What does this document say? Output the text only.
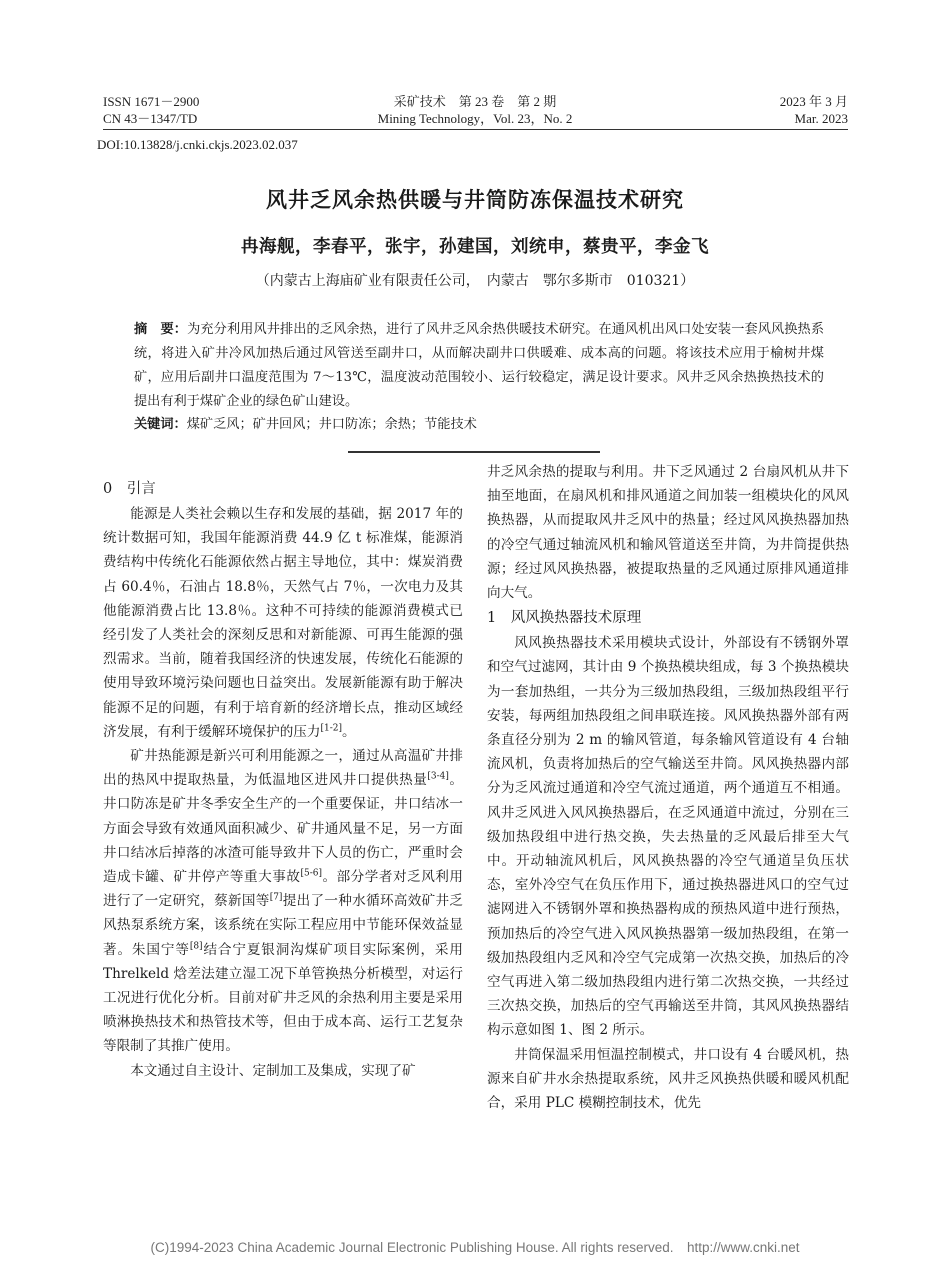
ISSN 1671－2900
CN 43－1347/TD
采矿技术　第 23 卷　第 2 期
Mining Technology，Vol. 23，No. 2
2023 年 3 月
Mar. 2023
DOI:10.13828/j.cnki.ckjs.2023.02.037
风井乏风余热供暖与井筒防冻保温技术研究
冉海舰，李春平，张宇，孙建国，刘统申，蔡贵平，李金飞
（内蒙古上海庙矿业有限责任公司，　内蒙古　鄂尔多斯市　010321）
摘　要：为充分利用风井排出的乏风余热，进行了风井乏风余热供暖技术研究。在通风机出风口处安装一套风风换热系统，将进入矿井冷风加热后通过风管送至副井口，从而解决副井口供暖难、成本高的问题。将该技术应用于榆树井煤矿，应用后副井口温度范围为 7～13℃，温度波动范围较小、运行较稳定，满足设计要求。风井乏风余热换热技术的提出有利于煤矿企业的绿色矿山建设。
关键词：煤矿乏风；矿井回风；井口防冻；余热；节能技术

0　引言

能源是人类社会赖以生存和发展的基础，据 2017 年的统计数据可知，我国年能源消费 44.9 亿 t 标准煤，能源消费结构中传统化石能源依然占据主导地位，其中：煤炭消费占 60.4％，石油占 18.8％，天然气占 7％，一次电力及其他能源消费占比 13.8％。这种不可持续的能源消费模式已经引发了人类社会的深刻反思和对新能源、可再生能源的强烈需求。当前，随着我国经济的快速发展，传统化石能源的使用导致环境污染问题也日益突出。发展新能源有助于解决能源不足的问题，有利于培育新的经济增长点，推动区域经济发展，有利于缓解环境保护的压力[1-2]。

矿井热能源是新兴可利用能源之一，通过从高温矿井排出的热风中提取热量，为低温地区进风井口提供热量[3-4]。井口防冻是矿井冬季安全生产的一个重要保证，井口结冰一方面会导致有效通风面积减少、矿井通风量不足，另一方面井口结冰后掉落的冰渣可能导致井下人员的伤亡，严重时会造成卡罐、矿井停产等重大事故[5-6]。部分学者对乏风利用进行了一定研究，蔡新国等[7]提出了一种水循环高效矿井乏风热泵系统方案，该系统在实际工程应用中节能环保效益显著。朱国宁等[8]结合宁夏银洞沟煤矿项目实际案例，采用 Threlkeld 焓差法建立湿工况下单管换热分析模型，对运行工况进行优化分析。目前对矿井乏风的余热利用主要是采用喷淋换热技术和热管技术等，但由于成本高、运行工艺复杂等限制了其推广使用。

本文通过自主设计、定制加工及集成，实现了矿

井乏风余热的提取与利用。井下乏风通过 2 台扇风机从井下抽至地面，在扇风机和排风通道之间加装一组模块化的风风换热器，从而提取风井乏风中的热量；经过风风换热器加热的冷空气通过轴流风机和输风管道送至井筒，为井筒提供热源；经过风风换热器，被提取热量的乏风通过原排风通道排向大气。

1　风风换热器技术原理

风风换热器技术采用模块式设计，外部设有不锈钢外罩和空气过滤网，其计由 9 个换热模块组成，每 3 个换热模块为一套加热组，一共分为三级加热段组，三级加热段组平行安装，每两组加热段组之间串联连接。风风换热器外部有两条直径分别为 2 m 的输风管道，每条输风管道设有 4 台轴流风机，负责将加热后的空气输送至井筒。风风换热器内部分为乏风流过通道和冷空气流过通道，两个通道互不相通。风井乏风进入风风换热器后，在乏风通道中流过，分别在三级加热段组中进行热交换，失去热量的乏风最后排至大气中。开动轴流风机后，风风换热器的冷空气通道呈负压状态，室外冷空气在负压作用下，通过换热器进风口的空气过滤网进入不锈钢外罩和换热器构成的预热风道中进行预热，预加热后的冷空气进入风风换热器第一级加热段组，在第一级加热段组内乏风和冷空气完成第一次热交换，加热后的冷空气再进入第二级加热段组内进行第二次热交换，一共经过三次热交换，加热后的空气再输送至井筒，其风风换热器结构示意如图 1、图 2 所示。

井筒保温采用恒温控制模式，井口设有 4 台暖风机，热源来自矿井水余热提取系统，风井乏风换热供暖和暖风机配合，采用 PLC 模糊控制技术，优先

(C)1994-2023 China Academic Journal Electronic Publishing House. All rights reserved.　http://www.cnki.net
